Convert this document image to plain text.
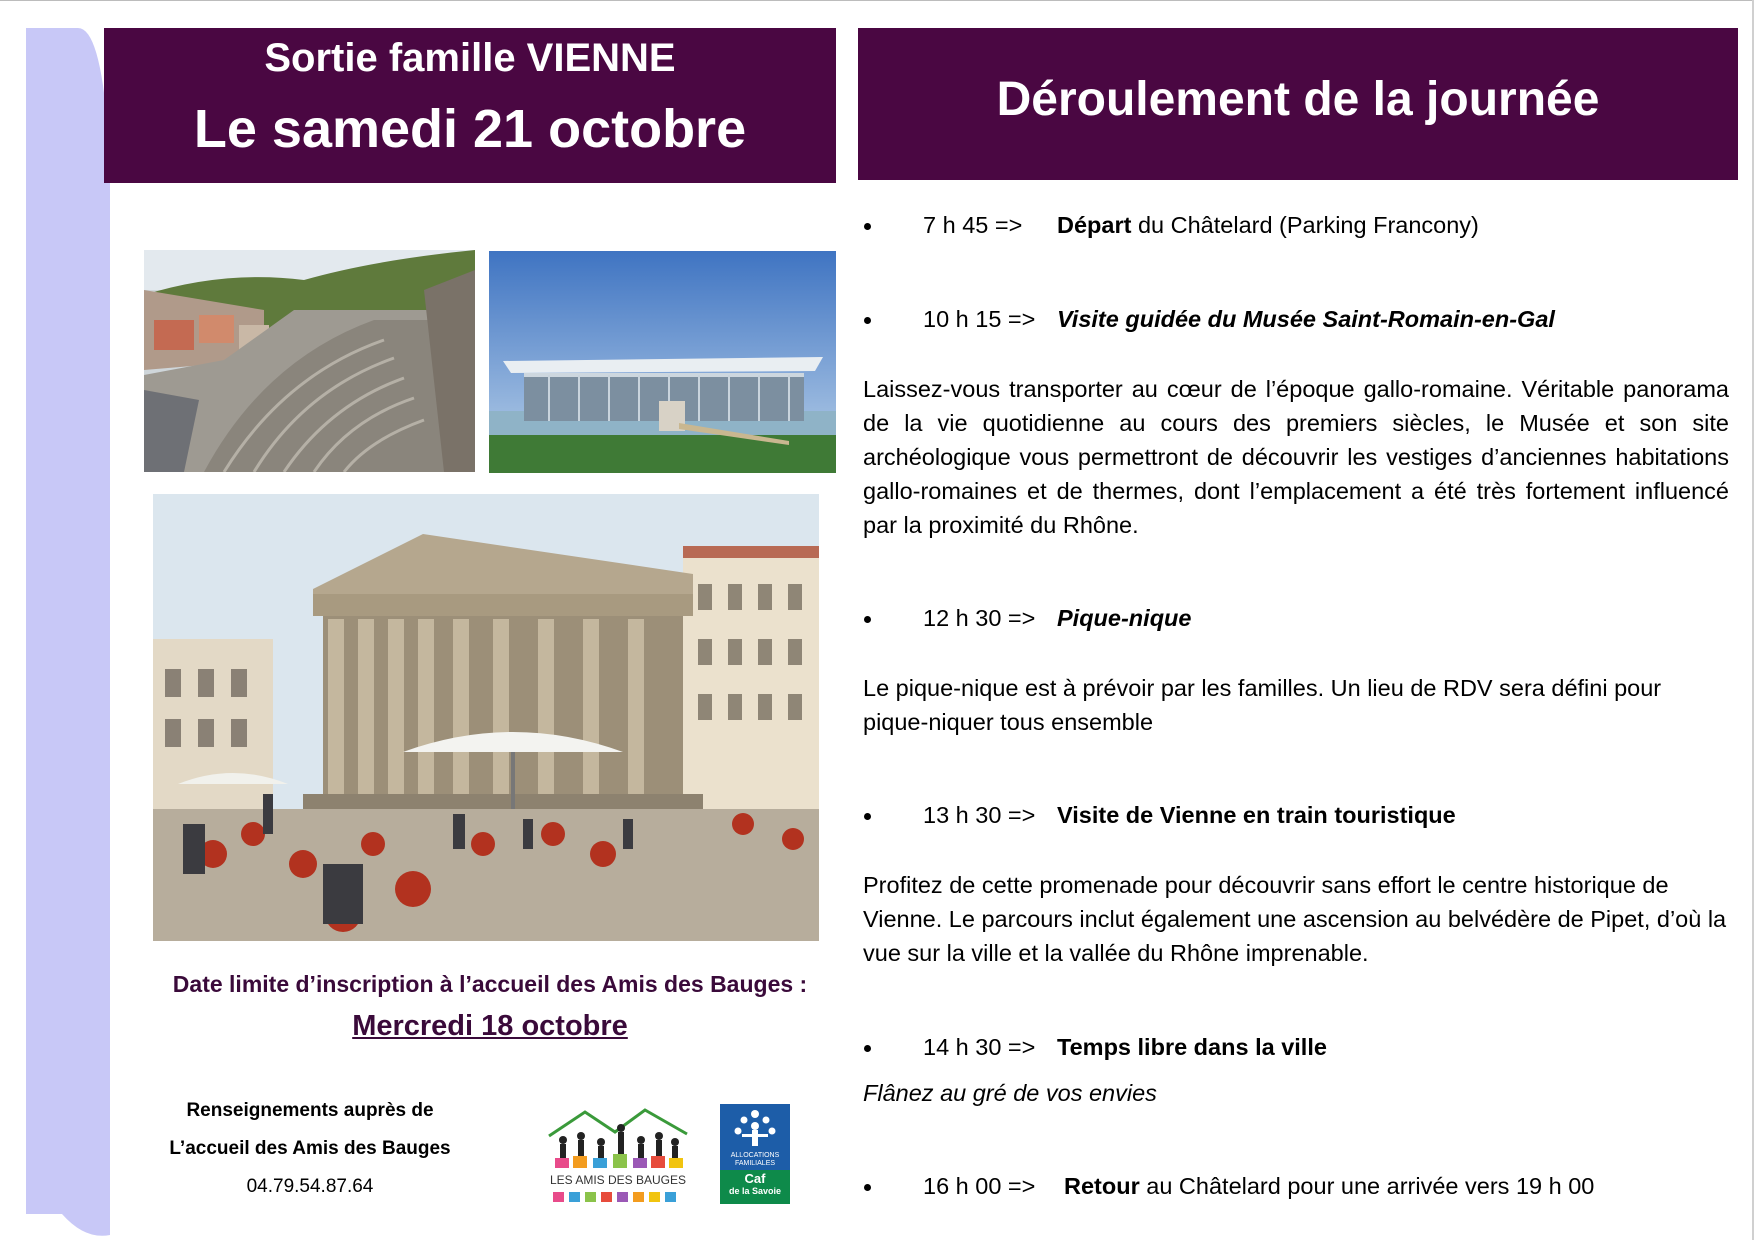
Sortie famille VIENNE
Le samedi 21 octobre	Déroulement de la journée
Date limite d’inscription à l’accueil des Amis des Bauges :
Mercredi 18 octobre
Renseignements auprès de
L’accueil des Amis des Bauges
04.79.54.87.64	LES AMIS DES BAUGES
ALLOCATIONS
FAMILIALES
Caf
de la Savoie
7 h 45 => Départ du Châtelard (Parking Francony)
10 h 15 => Visite guidée du Musée Saint-Romain-en-Gal
Laissez-vous transporter au cœur de l’époque gallo-romaine. Véritable panorama de la vie quotidienne au cours des premiers siècles, le Musée et son site archéologique vous permettront de découvrir les vestiges d’anciennes habitations gallo-romaines et de thermes, dont l’emplacement a été très fortement influencé par la proximité du Rhône.
12 h 30 => Pique-nique
Le pique-nique est à prévoir par les familles. Un lieu de RDV sera défini pour pique-niquer tous ensemble
13 h 30 => Visite de Vienne en train touristique
Profitez de cette promenade pour découvrir sans effort le centre historique de Vienne. Le parcours inclut également une ascension au belvédère de Pipet, d’où la vue sur la ville et la vallée du Rhône imprenable.
14 h 30 => Temps libre dans la ville
Flânez au gré de vos envies
16 h 00 => Retour au Châtelard pour une arrivée vers 19 h 00
